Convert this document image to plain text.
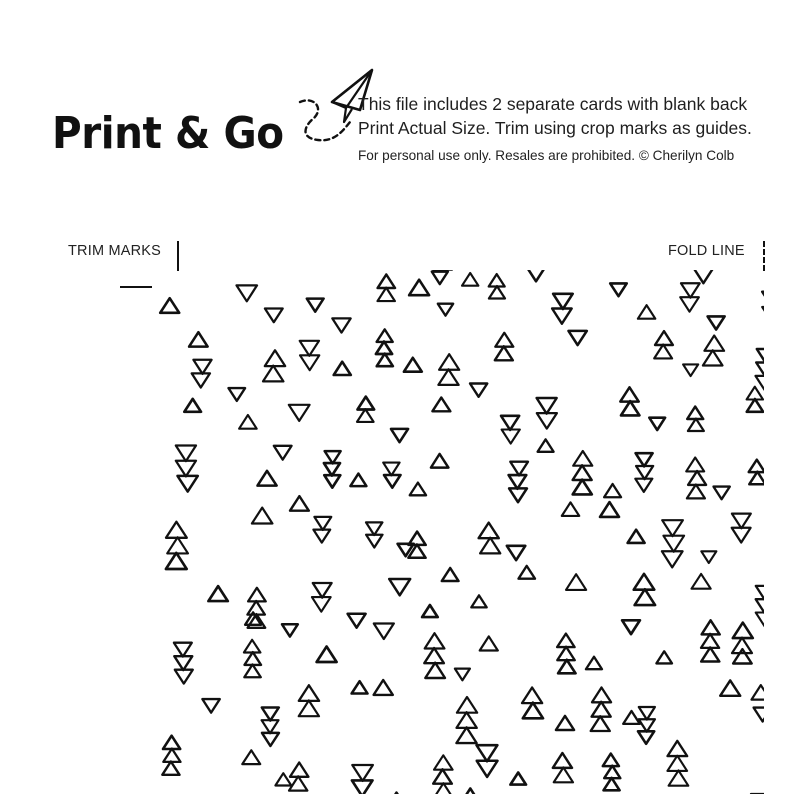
Print & Go
This file includes 2 separate cards with blank back
Print Actual Size. Trim using crop marks as guides.
For personal use only. Resales are prohibited. © Cherilyn Colb
TRIM MARKS	FOLD LINE
